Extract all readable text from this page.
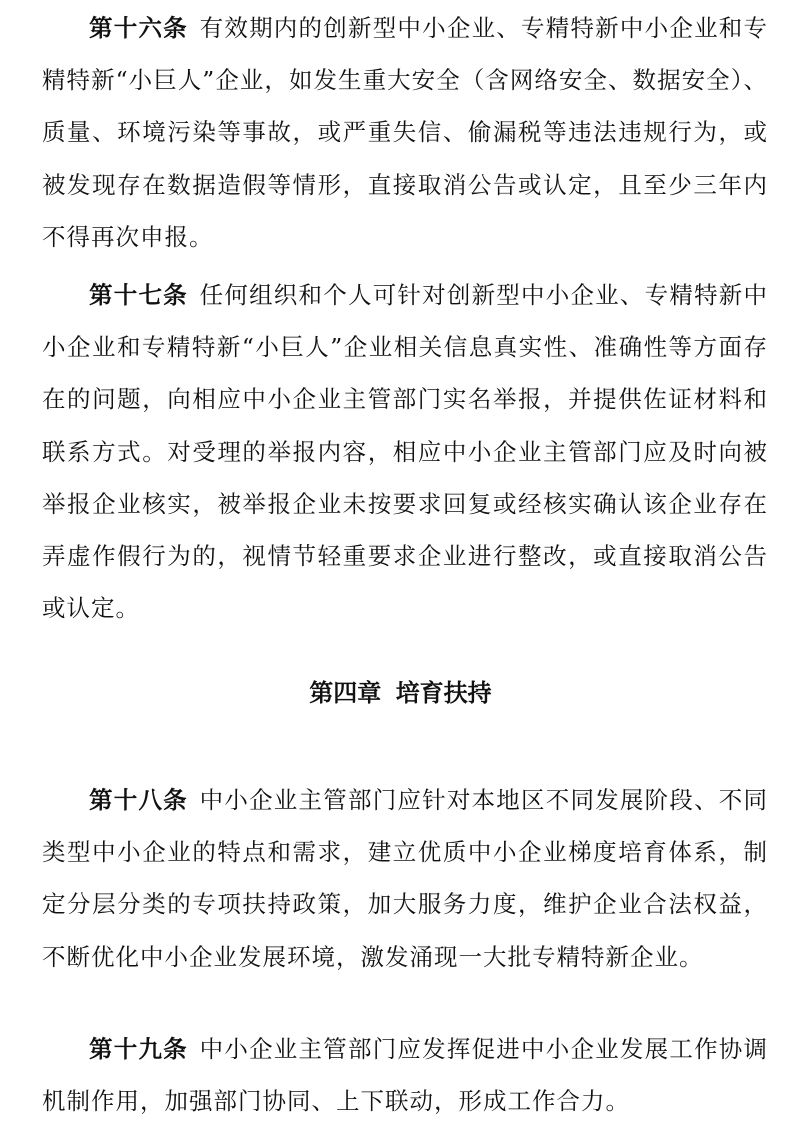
第十六条 有效期内的创新型中小企业、专精特新中小企业和专精特新“小巨人”企业，如发生重大安全（含网络安全、数据安全）、质量、环境污染等事故，或严重失信、偷漏税等违法违规行为，或被发现存在数据造假等情形，直接取消公告或认定，且至少三年内不得再次申报。

第十七条 任何组织和个人可针对创新型中小企业、专精特新中小企业和专精特新“小巨人”企业相关信息真实性、准确性等方面存在的问题，向相应中小企业主管部门实名举报，并提供佐证材料和联系方式。对受理的举报内容，相应中小企业主管部门应及时向被举报企业核实，被举报企业未按要求回复或经核实确认该企业存在弄虚作假行为的，视情节轻重要求企业进行整改，或直接取消公告或认定。

第四章 培育扶持

第十八条 中小企业主管部门应针对本地区不同发展阶段、不同类型中小企业的特点和需求，建立优质中小企业梯度培育体系，制定分层分类的专项扶持政策，加大服务力度，维护企业合法权益，不断优化中小企业发展环境，激发涌现一大批专精特新企业。

第十九条 中小企业主管部门应发挥促进中小企业发展工作协调机制作用，加强部门协同、上下联动，形成工作合力。
